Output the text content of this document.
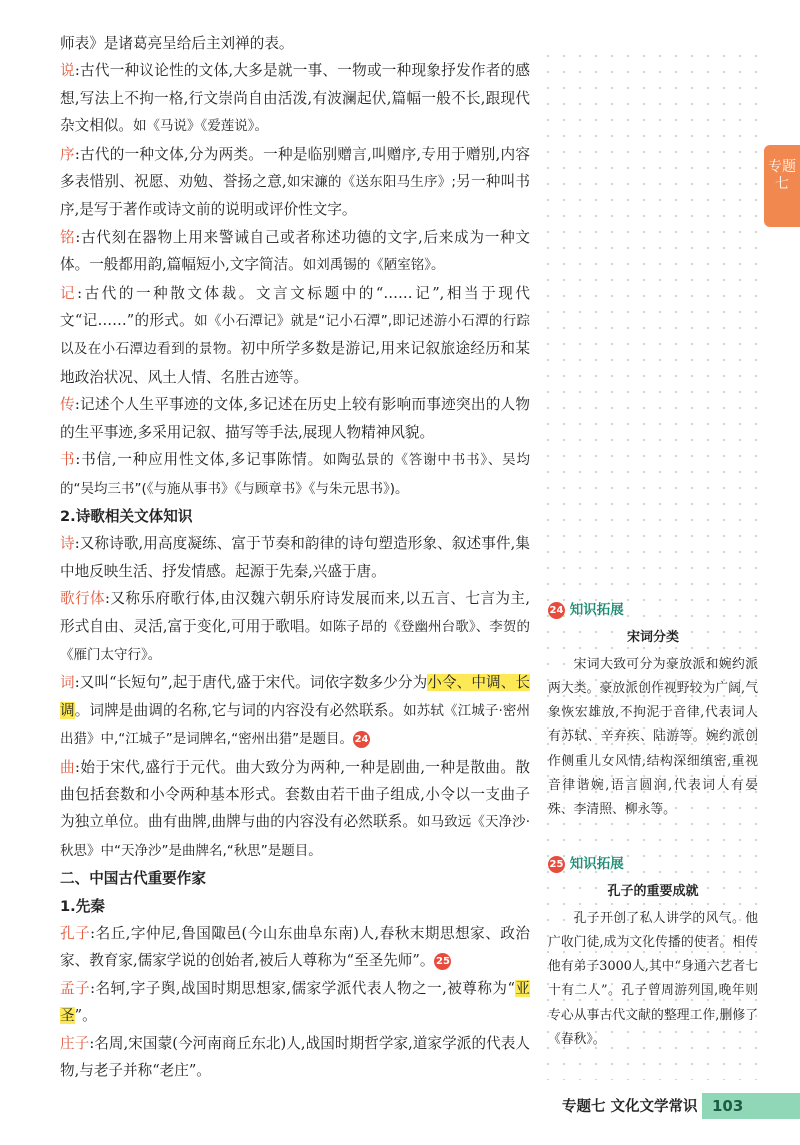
专题
七

师表》是诸葛亮呈给后主刘禅的表。

说:古代一种议论性的文体,大多是就一事、一物或一种现象抒发作者的感想,写法上不拘一格,行文崇尚自由活泼,有波澜起伏,篇幅一般不长,跟现代杂文相似。如《马说》《爱莲说》。

序:古代的一种文体,分为两类。一种是临别赠言,叫赠序,专用于赠别,内容多表惜别、祝愿、劝勉、誉扬之意,如宋濂的《送东阳马生序》;另一种叫书序,是写于著作或诗文前的说明或评价性文字。

铭:古代刻在器物上用来警诫自己或者称述功德的文字,后来成为一种文体。一般都用韵,篇幅短小,文字简洁。如刘禹锡的《陋室铭》。

记:古代的一种散文体裁。文言文标题中的“……记”,相当于现代文“记……”的形式。如《小石潭记》就是“记小石潭”,即记述游小石潭的行踪以及在小石潭边看到的景物。初中所学多数是游记,用来记叙旅途经历和某地政治状况、风土人情、名胜古迹等。

传:记述个人生平事迹的文体,多记述在历史上较有影响而事迹突出的人物的生平事迹,多采用记叙、描写等手法,展现人物精神风貌。

书:书信,一种应用性文体,多记事陈情。如陶弘景的《答谢中书书》、吴均的“吴均三书”(《与施从事书》《与顾章书》《与朱元思书》)。

2.诗歌相关文体知识

诗:又称诗歌,用高度凝练、富于节奏和韵律的诗句塑造形象、叙述事件,集中地反映生活、抒发情感。起源于先秦,兴盛于唐。

歌行体:又称乐府歌行体,由汉魏六朝乐府诗发展而来,以五言、七言为主,形式自由、灵活,富于变化,可用于歌唱。如陈子昂的《登幽州台歌》、李贺的《雁门太守行》。

词:又叫“长短句”,起于唐代,盛于宋代。词依字数多少分为小令、中调、长调。词牌是曲调的名称,它与词的内容没有必然联系。如苏轼《江城子·密州出猎》中,“江城子”是词牌名,“密州出猎”是题目。 24

曲:始于宋代,盛行于元代。曲大致分为两种,一种是剧曲,一种是散曲。散曲包括套数和小令两种基本形式。套数由若干曲子组成,小令以一支曲子为独立单位。曲有曲牌,曲牌与曲的内容没有必然联系。如马致远《天净沙·秋思》中“天净沙”是曲牌名,“秋思”是题目。

二、中国古代重要作家

1.先秦

孔子:名丘,字仲尼,鲁国陬邑(今山东曲阜东南)人,春秋末期思想家、政治家、教育家,儒家学说的创始者,被后人尊称为“至圣先师”。 25

孟子:名轲,字子舆,战国时期思想家,儒家学派代表人物之一,被尊称为“亚圣”。

庄子:名周,宋国蒙(今河南商丘东北)人,战国时期哲学家,道家学派的代表人物,与老子并称“老庄”。

24 知识拓展

宋词分类

宋词大致可分为豪放派和婉约派两大类。豪放派创作视野较为广阔,气象恢宏雄放,不拘泥于音律,代表词人有苏轼、辛弃疾、陆游等。婉约派创作侧重儿女风情,结构深细缜密,重视音律谐婉,语言圆润,代表词人有晏殊、李清照、柳永等。

25 知识拓展

孔子的重要成就

孔子开创了私人讲学的风气。他广收门徒,成为文化传播的使者。相传他有弟子3000人,其中“身通六艺者七十有二人”。孔子曾周游列国,晚年则专心从事古代文献的整理工作,删修了《春秋》。

专题七 文化文学常识 103
